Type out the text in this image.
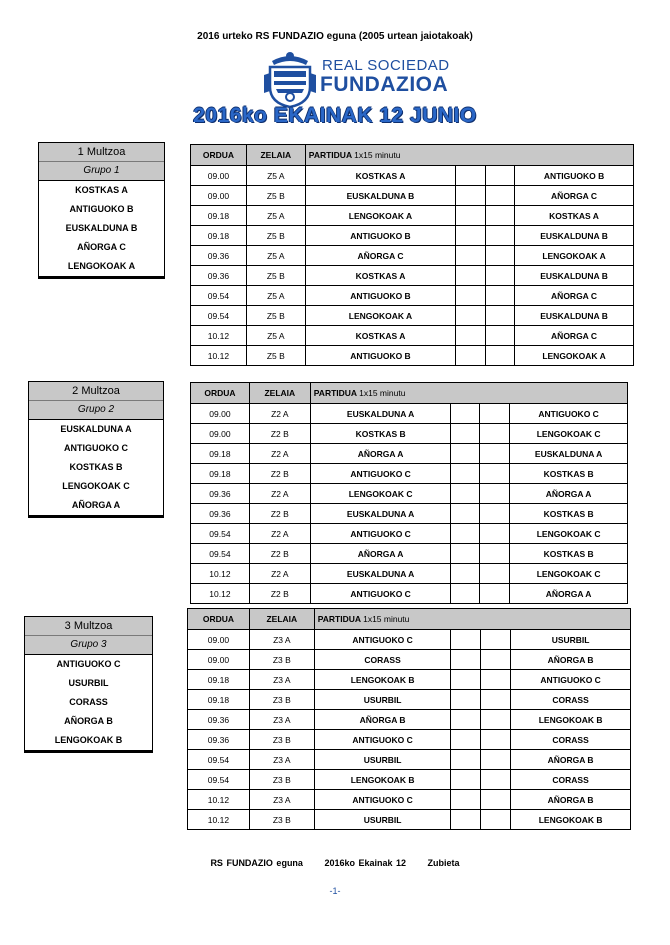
2016 urteko RS FUNDAZIO eguna (2005 urtean jaiotakoak)
REAL SOCIEDAD
FUNDAZIOA
2016ko EKAINAK 12 JUNIO
1 Multzoa
Grupo 1
KOSTKAS A
ANTIGUOKO B
EUSKALDUNA B
AÑORGA C
LENGOKOAK A
2 Multzoa
Grupo 2
EUSKALDUNA A
ANTIGUOKO C
KOSTKAS B
LENGOKOAK C
AÑORGA A
3 Multzoa
Grupo 3
ANTIGUOKO C
USURBIL
CORASS
AÑORGA B
LENGOKOAK B
ORDUA	ZELAIA	PARTIDUA 1x15 minutu			
09.00	Z5 A	KOSTKAS A			ANTIGUOKO B
09.00	Z5 B	EUSKALDUNA B			AÑORGA C
09.18	Z5 A	LENGOKOAK A			KOSTKAS A
09.18	Z5 B	ANTIGUOKO B			EUSKALDUNA B
09.36	Z5 A	AÑORGA C			LENGOKOAK A
09.36	Z5 B	KOSTKAS A			EUSKALDUNA B
09.54	Z5 A	ANTIGUOKO B			AÑORGA C
09.54	Z5 B	LENGOKOAK A			EUSKALDUNA B
10.12	Z5 A	KOSTKAS A			AÑORGA C
10.12	Z5 B	ANTIGUOKO B			LENGOKOAK A
ORDUA	ZELAIA	PARTIDUA 1x15 minutu			
09.00	Z2 A	EUSKALDUNA A			ANTIGUOKO C
09.00	Z2 B	KOSTKAS B			LENGOKOAK C
09.18	Z2 A	AÑORGA A			EUSKALDUNA A
09.18	Z2 B	ANTIGUOKO C			KOSTKAS B
09.36	Z2 A	LENGOKOAK C			AÑORGA A
09.36	Z2 B	EUSKALDUNA A			KOSTKAS B
09.54	Z2 A	ANTIGUOKO C			LENGOKOAK C
09.54	Z2 B	AÑORGA A			KOSTKAS B
10.12	Z2 A	EUSKALDUNA A			LENGOKOAK C
10.12	Z2 B	ANTIGUOKO C			AÑORGA A
ORDUA	ZELAIA	PARTIDUA 1x15 minutu			
09.00	Z3 A	ANTIGUOKO C			USURBIL
09.00	Z3 B	CORASS			AÑORGA B
09.18	Z3 A	LENGOKOAK B			ANTIGUOKO C
09.18	Z3 B	USURBIL			CORASS
09.36	Z3 A	AÑORGA B			LENGOKOAK B
09.36	Z3 B	ANTIGUOKO C			CORASS
09.54	Z3 A	USURBIL			AÑORGA B
09.54	Z3 B	LENGOKOAK B			CORASS
10.12	Z3 A	ANTIGUOKO C			AÑORGA B
10.12	Z3 B	USURBIL			LENGOKOAK B
RS FUNDAZIO eguna 2016ko Ekainak 12 Zubieta
-1-
